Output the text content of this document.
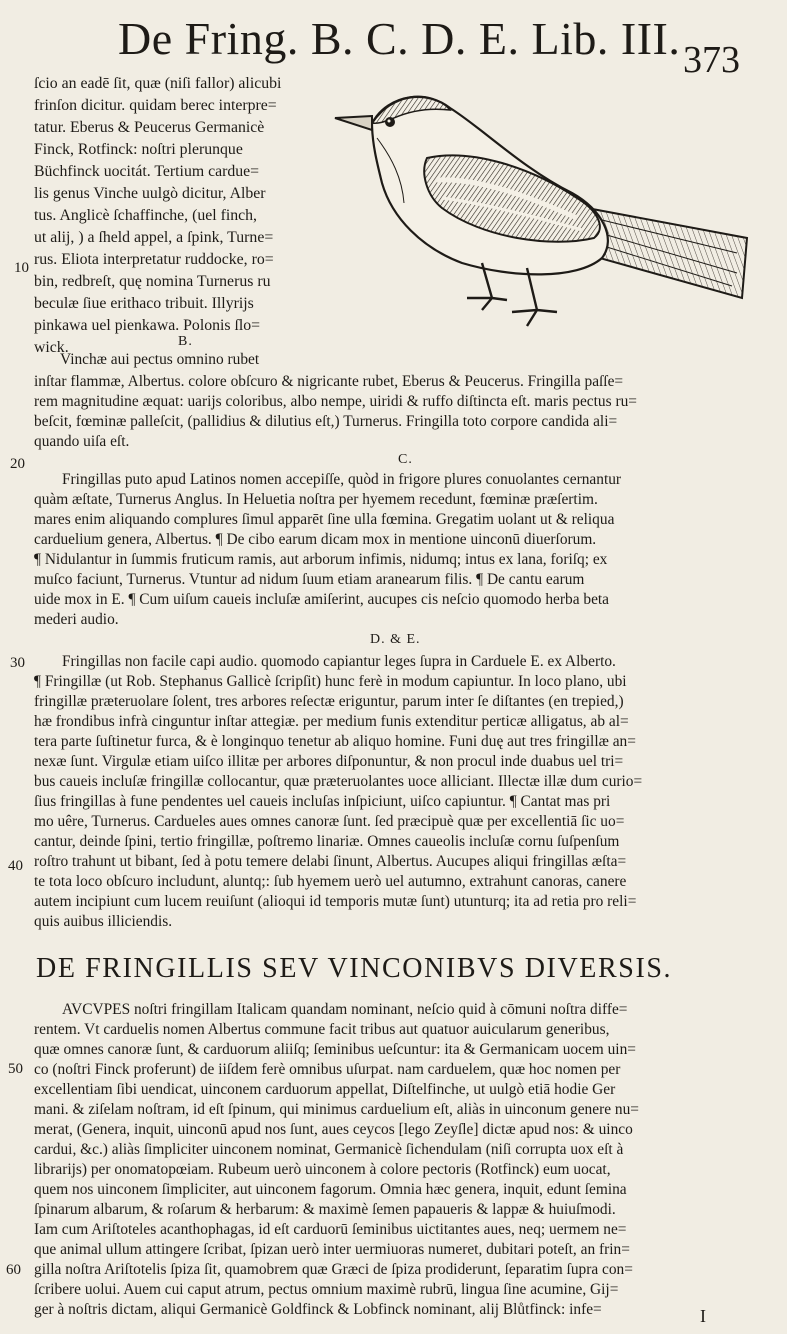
De Fring. B. C. D. E. Lib. III. 373
ſcio an eadē ſit, quæ (niſi fallor) alicubi
frinſon dicitur. quidam berec interpre=
tatur. Eberus & Peucerus Germanicè
Finck, Rotfinck: noſtri plerunque
Büchfinck uocitát. Tertium cardue=
lis genus Vinche uulgò dicitur, Alber
tus. Anglicè ſchaffinche, (uel finch,
ut alij, ) a ſheld appel, a ſpink, Turne=
rus. Eliota interpretatur ruddocke, ro=
bin, redbreſt, quę nomina Turnerus ru
beculæ ſiue erithaco tribuit. Illyrijs
pinkawa uel pienkawa. Polonis ſlo=
wick.	B.
Vinchæ aui pectus omnino rubet
inſtar flammæ, Albertus. colore obſcuro & nigricante rubet, Eberus & Peucerus. Fringilla paſſe=
rem magnitudine æquat: uarijs coloribus, albo nempe, uiridi & ruffo diſtincta eſt. maris pectus ru=
beſcit, fœminæ palleſcit, (pallidius & dilutius eſt,) Turnerus. Fringilla toto corpore candida ali=
quando uiſa eſt.
10
20
30
40
50
60
C.
Fringillas puto apud Latinos nomen accepiſſe, quòd in frigore plures conuolantes cernantur
quàm æſtate, Turnerus Anglus. In Heluetia noſtra per hyemem recedunt, fœminæ præſertim.
mares enim aliquando complures ſimul apparēt ſine ulla fœmina. Gregatim uolant ut & reliqua
carduelium genera, Albertus. ¶ De cibo earum dicam mox in mentione uinconū diuerſorum.
¶ Nidulantur in ſummis fruticum ramis, aut arborum infimis, nidumq; intus ex lana, foriſq; ex
muſco faciunt, Turnerus. Vtuntur ad nidum ſuum etiam aranearum filis. ¶ De cantu earum
uide mox in E. ¶ Cum uiſum caueis incluſæ amiſerint, aucupes cis neſcio quomodo herba beta
mederi audio.
D. & E.
Fringillas non facile capi audio. quomodo capiantur leges ſupra in Carduele E. ex Alberto.
¶ Fringillæ (ut Rob. Stephanus Gallicè ſcripſit) hunc ferè in modum capiuntur. In loco plano, ubi
fringillæ præteruolare ſolent, tres arbores reſectæ eriguntur, parum inter ſe diſtantes (en trepied,)
hæ frondibus infrà cinguntur inſtar attegiæ. per medium funis extenditur perticæ alligatus, ab al=
tera parte ſuſtinetur furca, & è longinquo tenetur ab aliquo homine. Funi duę aut tres fringillæ an=
nexæ ſunt. Virgulæ etiam uiſco illitæ per arbores diſponuntur, & non procul inde duabus uel tri=
bus caueis incluſæ fringillæ collocantur, quæ præteruolantes uoce alliciant. Illectæ illæ dum curio=
ſius fringillas à fune pendentes uel caueis incluſas inſpiciunt, uiſco capiuntur. ¶ Cantat mas pri
mo uêre, Turnerus. Cardueles aues omnes canoræ ſunt. ſed præcipuè quæ per excellentiā ſic uo=
cantur, deinde ſpini, tertio fringillæ, poſtremo linariæ. Omnes caueolis incluſæ cornu ſuſpenſum
roſtro trahunt ut bibant, ſed à potu temere delabi ſinunt, Albertus. Aucupes aliqui fringillas æſta=
te tota loco obſcuro includunt, aluntq;: ſub hyemem uerò uel autumno, extrahunt canoras, canere
autem incipiunt cum lucem reuiſunt (alioqui id temporis mutæ ſunt) utunturq; ita ad retia pro reli=
quis auibus illiciendis.
DE FRINGILLIS SEV VINCONIBVS DIVERSIS.
AVCVPES noſtri fringillam Italicam quandam nominant, neſcio quid à cōmuni noſtra diffe=
rentem. Vt carduelis nomen Albertus commune facit tribus aut quatuor auicularum generibus,
quæ omnes canoræ ſunt, & carduorum aliiſq; ſeminibus ueſcuntur: ita & Germanicam uocem uin=
co (noſtri Finck proferunt) de iiſdem ferè omnibus uſurpat. nam carduelem, quæ hoc nomen per
excellentiam ſibi uendicat, uinconem carduorum appellat, Diſtelfinche, ut uulgò etiā hodie Ger
mani. & ziſelam noſtram, id eſt ſpinum, qui minimus carduelium eſt, aliàs in uinconum genere nu=
merat, (Genera, inquit, uinconū apud nos ſunt, aues ceycos [lego Zeyſle] dictæ apud nos: & uinco
cardui, &c.) aliàs ſimpliciter uinconem nominat, Germanicè ſichendulam (niſi corrupta uox eſt à
librarijs) per onomatopœiam. Rubeum uerò uinconem à colore pectoris (Rotfinck) eum uocat,
quem nos uinconem ſimpliciter, aut uinconem fagorum. Omnia hæc genera, inquit, edunt ſemina
ſpinarum albarum, & roſarum & herbarum: & maximè ſemen papaueris & lappæ & huiuſmodi.
Iam cum Ariſtoteles acanthophagas, id eſt carduorū ſeminibus uictitantes aues, neq; uermem ne=
que animal ullum attingere ſcribat, ſpizan uerò inter uermiuoras numeret, dubitari poteſt, an frin=
gilla noſtra Ariſtotelis ſpiza ſit, quamobrem quæ Græci de ſpiza prodiderunt, ſeparatim ſupra con=
ſcribere uolui. Auem cui caput atrum, pectus omnium maximè rubrū, lingua ſine acumine, Gij=
ger à noſtris dictam, aliqui Germanicè Goldfinck & Lobfinck nominant, alij Blůtfinck: infe=	I
